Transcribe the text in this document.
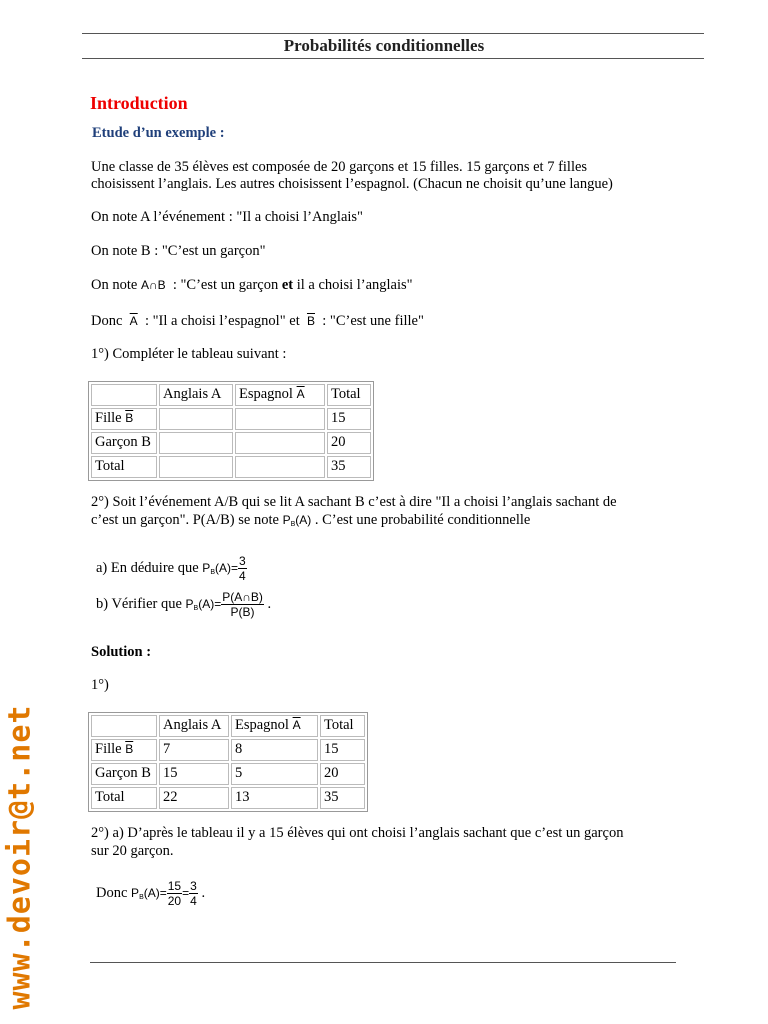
Probabilités conditionnelles
Introduction
Etude d’un exemple :
Une classe de 35 élèves est composée de 20 garçons et 15 filles. 15 garçons et 7 filles
choisissent l’anglais. Les autres choisissent l’espagnol. (Chacun ne choisit qu’une langue)
On note A l’événement : "Il a choisi l’Anglais"
On note B : "C’est un garçon"
On note A∩B : "C’est un garçon et il a choisi l’anglais"
Donc $\overline{A}$ : "Il a choisi l’espagnol" et $\overline{B}$ : "C’est une fille"
1°) Compléter le tableau suivant :
	Anglais A	Espagnol $\overline{A}$	Total
Fille $\overline{B}$			15
Garçon B			20
Total			35
2°) Soit l’événement A/B qui se lit A sachant B c’est à dire "Il a choisi l’anglais sachant de
c’est un garçon". P(A/B) se note $P_B(A)$ . C’est une probabilité conditionnelle
a) En déduire que $P_B(A)= \frac{3}{4}$
b) Vérifier que $P_B(A)= \frac{P(A\cap B)}{P(B)}$ .
Solution :
1°)
	Anglais A	Espagnol $\overline{A}$	Total
Fille $\overline{B}$	7	8	15
Garçon B	15	5	20
Total	22	13	35
2°) a) D’après le tableau il y a 15 élèves qui ont choisi l’anglais sachant que c’est un garçon
sur 20 garçon.
Donc $P_B(A)= \frac{15}{20} = \frac{3}{4}$ .
www.devoir@t.net
